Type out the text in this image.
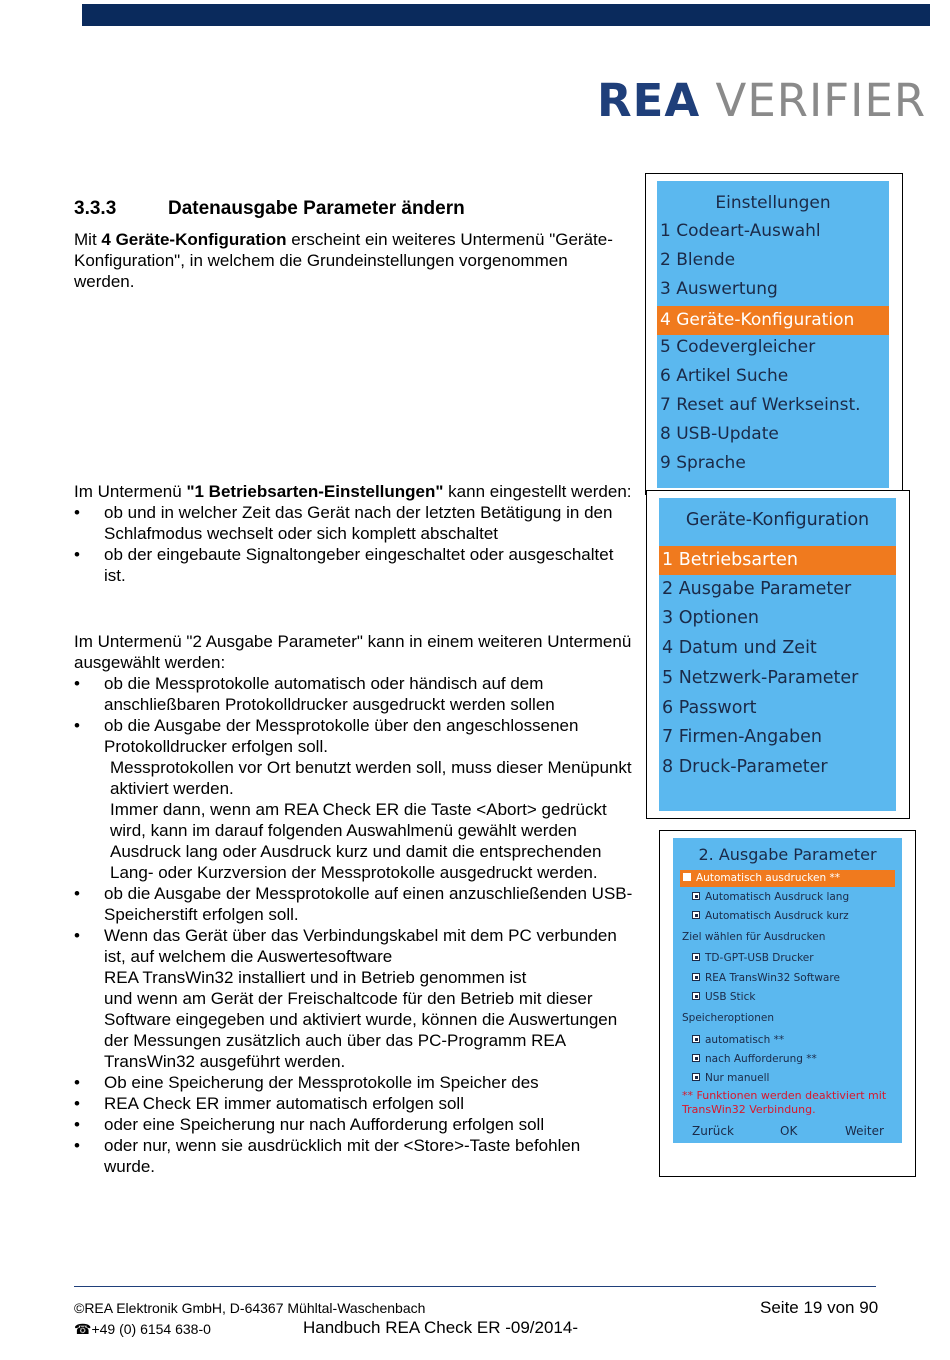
REA VERIFIER
3.3.3	Datenausgabe Parameter ändern

Mit 4 Geräte-Konfiguration erscheint ein weiteres Untermenü "Geräte-Konfiguration", in welchem die Grundeinstellungen vorgenommen werden.

Im Untermenü "1 Betriebsarten-Einstellungen" kann eingestellt werden:

• ob und in welcher Zeit das Gerät nach der letzten Betätigung in den Schlafmodus wechselt oder sich komplett abschaltet

• ob der eingebaute Signaltongeber eingeschaltet oder ausgeschaltet ist.

Im Untermenü "2 Ausgabe Parameter" kann in einem weiteren Untermenü ausgewählt werden:

• ob die Messprotokolle automatisch oder händisch auf dem anschließbaren Protokolldrucker ausgedruckt werden sollen

• ob die Ausgabe der Messprotokolle über den angeschlossenen Protokolldrucker erfolgen soll.

Messprotokollen vor Ort benutzt werden soll, muss dieser Menüpunkt aktiviert werden.

Immer dann, wenn am REA Check ER die Taste <Abort> gedrückt wird, kann im darauf folgenden Auswahlmenü gewählt werden Ausdruck lang oder Ausdruck kurz und damit die entsprechenden Lang- oder Kurzversion der Messprotokolle ausgedruckt werden.

• ob die Ausgabe der Messprotokolle auf einen anzuschließenden USB-Speicherstift erfolgen soll.

• Wenn das Gerät über das Verbindungskabel mit dem PC verbunden ist, auf welchem die Auswertesoftware

REA TransWin32 installiert und in Betrieb genommen ist

und wenn am Gerät der Freischaltcode für den Betrieb mit dieser Software eingegeben und aktiviert wurde, können die Auswertungen der Messungen zusätzlich auch über das PC-Programm REA TransWin32 ausgeführt werden.

• Ob eine Speicherung der Messprotokolle im Speicher des

• REA Check ER immer automatisch erfolgen soll

• oder eine Speicherung nur nach Aufforderung erfolgen soll

• oder nur, wenn sie ausdrücklich mit der <Store>-Taste befohlen wurde.

Einstellungen
1 Codeart-Auswahl
2 Blende
3 Auswertung
4 Geräte-Konfiguration
5 Codevergleicher
6 Artikel Suche
7 Reset auf Werkseinst.
8 USB-Update
9 Sprache
Geräte-Konfiguration
1 Betriebsarten
2 Ausgabe Parameter
3 Optionen
4 Datum und Zeit
5 Netzwerk-Parameter
6 Passwort
7 Firmen-Angaben
8 Druck-Parameter
2. Ausgabe Parameter
Automatisch ausdrucken **
Automatisch Ausdruck lang
Automatisch Ausdruck kurz
Ziel wählen für Ausdrucken
TD-GPT-USB Drucker
REA TransWin32 Software
USB Stick
Speicheroptionen
automatisch **
nach Aufforderung **
Nur manuell
** Funktionen werden deaktiviert mit
TransWin32 Verbindung.
Zurück	OK	Weiter
©REA Elektronik GmbH, D-64367 Mühltal-Waschenbach
☎+49 (0) 6154 638-0	Handbuch REA Check ER -09/2014-
Seite 19 von 90
